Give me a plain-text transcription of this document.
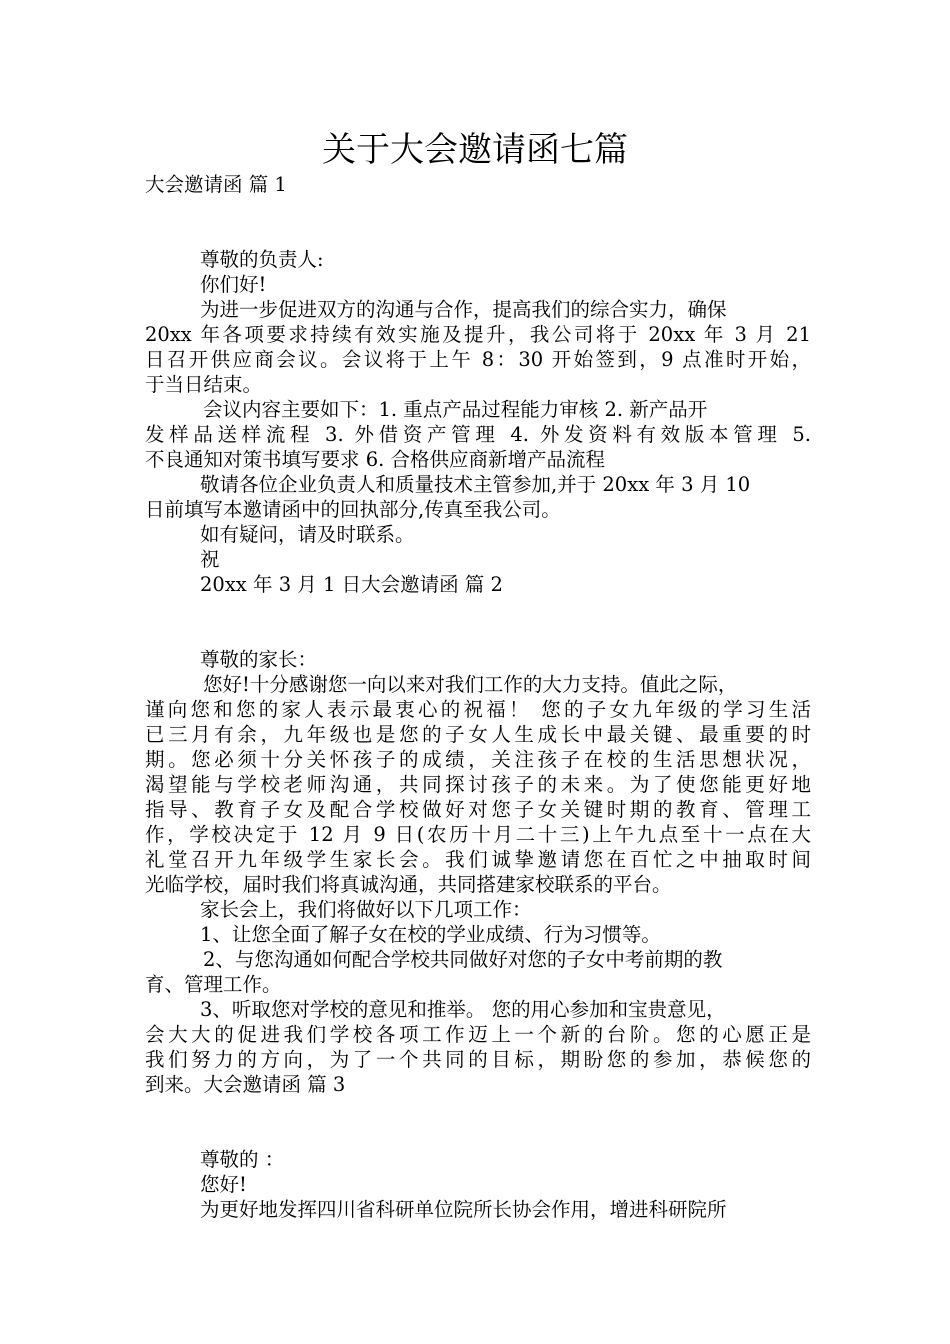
关于大会邀请函七篇
大会邀请函 篇 1
尊敬的负责人:
你们好!
为进一步促进双方的沟通与合作，提高我们的综合实力，确保
20xx 年各项要求持续有效实施及提升，我公司将于 20xx 年 3 月 21
日召开供应商会议。会议将于上午 8：30 开始签到，9 点准时开始，
于当日结束。
会议内容主要如下：1. 重点产品过程能力审核 2. 新产品开
发样品送样流程 3. 外借资产管理 4. 外发资料有效版本管理 5.
不良通知对策书填写要求 6. 合格供应商新增产品流程
敬请各位企业负责人和质量技术主管参加,并于 20xx 年 3 月 10
日前填写本邀请函中的回执部分,传真至我公司。
如有疑问，请及时联系。
祝
20xx 年 3 月 1 日大会邀请函 篇 2
尊敬的家长：
您好!十分感谢您一向以来对我们工作的大力支持。值此之际，
谨向您和您的家人表示最衷心的祝福！ 您的子女九年级的学习生活
已三月有余，九年级也是您的子女人生成长中最关键、最重要的时
期。您必须十分关怀孩子的成绩，关注孩子在校的生活思想状况，
渴望能与学校老师沟通，共同探讨孩子的未来。为了使您能更好地
指导、教育子女及配合学校做好对您子女关键时期的教育、管理工
作，学校决定于 12 月 9 日(农历十月二十三)上午九点至十一点在大
礼堂召开九年级学生家长会。我们诚挚邀请您在百忙之中抽取时间
光临学校，届时我们将真诚沟通，共同搭建家校联系的平台。
家长会上，我们将做好以下几项工作：
1、让您全面了解子女在校的学业成绩、行为习惯等。
2、与您沟通如何配合学校共同做好对您的子女中考前期的教
育、管理工作。
3、听取您对学校的意见和推举。 您的用心参加和宝贵意见，
会大大的促进我们学校各项工作迈上一个新的台阶。您的心愿正是
我们努力的方向，为了一个共同的目标，期盼您的参加，恭候您的
到来。大会邀请函 篇 3
尊敬的 ：
您好!
为更好地发挥四川省科研单位院所长协会作用，增进科研院所
